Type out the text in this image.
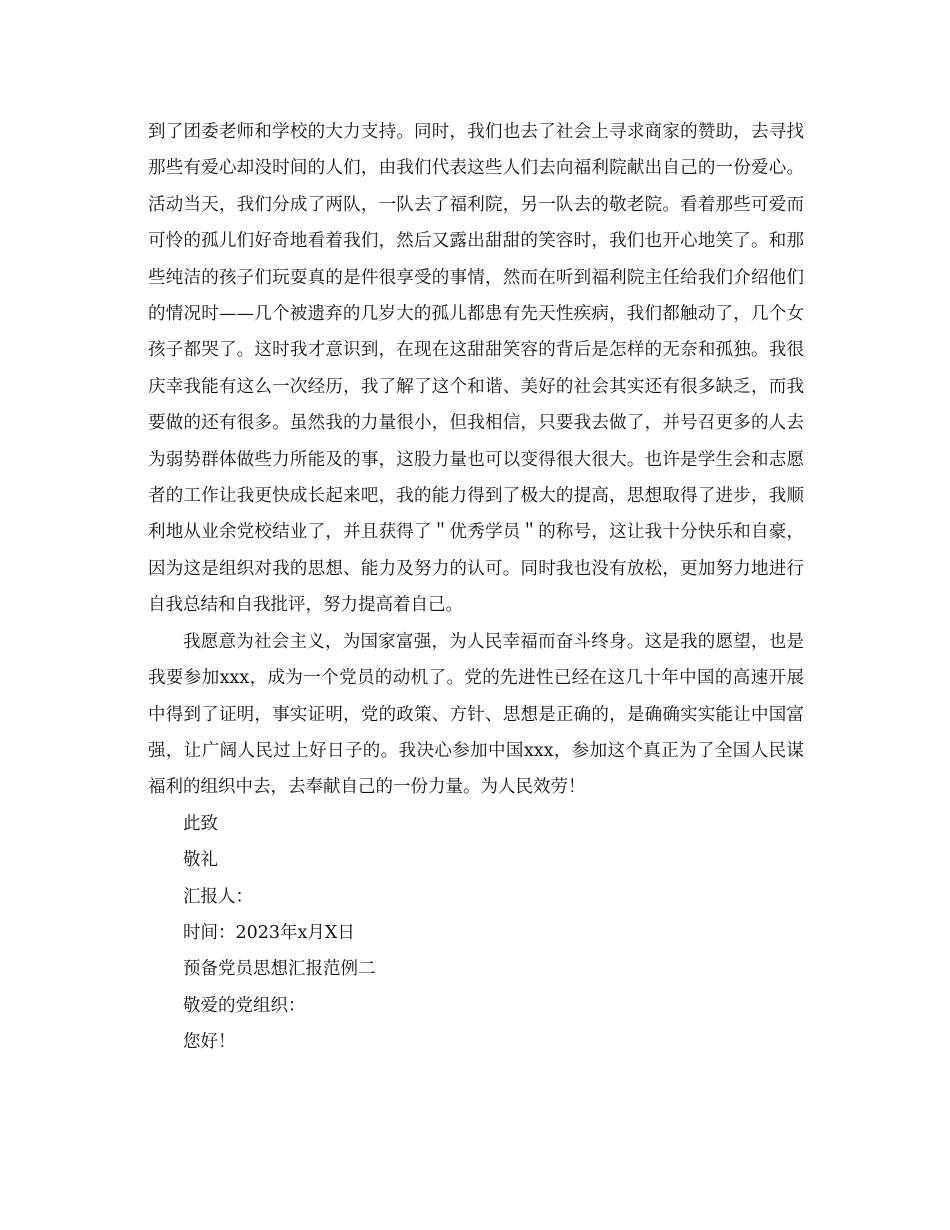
到了团委老师和学校的大力支持。同时，我们也去了社会上寻求商家的赞助，去寻找那些有爱心却没时间的人们，由我们代表这些人们去向福利院献出自己的一份爱心。活动当天，我们分成了两队，一队去了福利院，另一队去的敬老院。看着那些可爱而可怜的孤儿们好奇地看着我们，然后又露出甜甜的笑容时，我们也开心地笑了。和那些纯洁的孩子们玩耍真的是件很享受的事情，然而在听到福利院主任给我们介绍他们的情况时——几个被遗弃的几岁大的孤儿都患有先天性疾病，我们都触动了，几个女孩子都哭了。这时我才意识到，在现在这甜甜笑容的背后是怎样的无奈和孤独。我很庆幸我能有这么一次经历，我了解了这个和谐、美好的社会其实还有很多缺乏，而我要做的还有很多。虽然我的力量很小，但我相信，只要我去做了，并号召更多的人去为弱势群体做些力所能及的事，这股力量也可以变得很大很大。也许是学生会和志愿者的工作让我更快成长起来吧，我的能力得到了极大的提高，思想取得了进步，我顺利地从业余党校结业了，并且获得了＂优秀学员＂的称号，这让我十分快乐和自豪，因为这是组织对我的思想、能力及努力的认可。同时我也没有放松，更加努力地进行自我总结和自我批评，努力提高着自己。

我愿意为社会主义，为国家富强，为人民幸福而奋斗终身。这是我的愿望，也是我要参加xxx，成为一个党员的动机了。党的先进性已经在这几十年中国的高速开展中得到了证明，事实证明，党的政策、方针、思想是正确的，是确确实实能让中国富强，让广阔人民过上好日子的。我决心参加中国xxx，参加这个真正为了全国人民谋福利的组织中去，去奉献自己的一份力量。为人民效劳！

此致

敬礼

汇报人：

时间：2023年x月X日

预备党员思想汇报范例二

敬爱的党组织：

您好！
